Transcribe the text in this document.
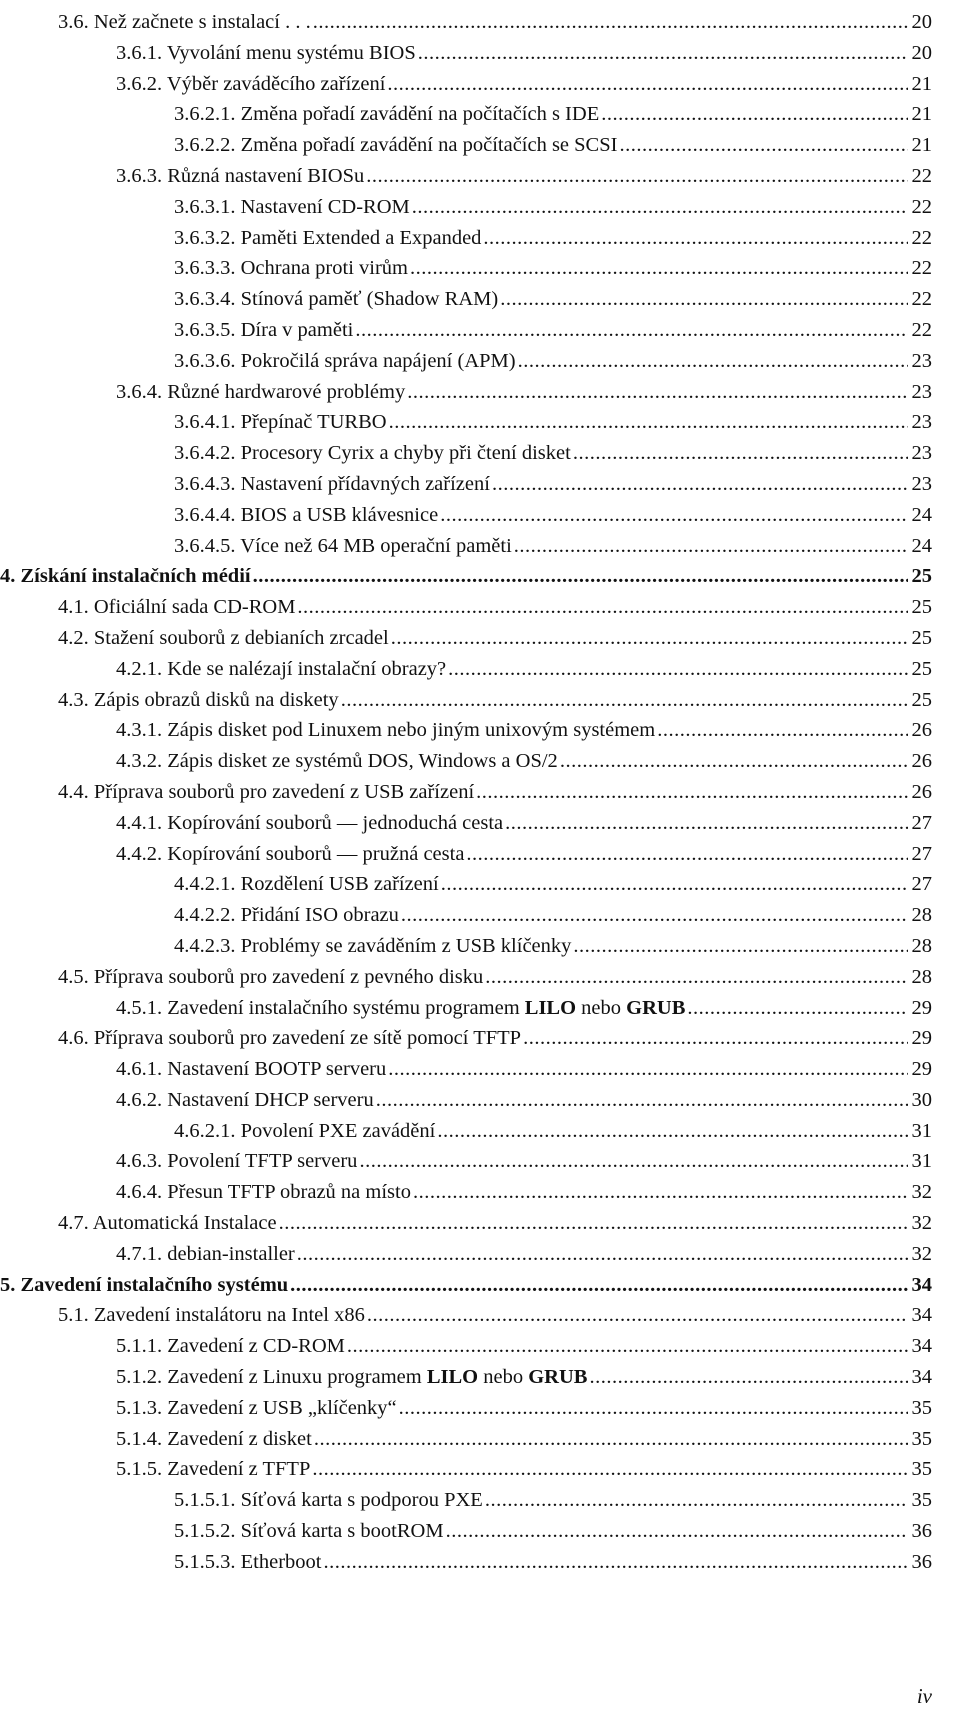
3.6. Než začnete s instalací . . . .....	20
3.6.1. Vyvolání menu systému BIOS .....	20
3.6.2. Výběr zaváděcího zařízení .....	21
3.6.2.1. Změna pořadí zavádění na počítačích s IDE .....	21
3.6.2.2. Změna pořadí zavádění na počítačích se SCSI .....	21
3.6.3. Různá nastavení BIOSu .....	22
3.6.3.1. Nastavení CD-ROM .....	22
3.6.3.2. Paměti Extended a Expanded .....	22
3.6.3.3. Ochrana proti virům .....	22
3.6.3.4. Stínová paměť (Shadow RAM) .....	22
3.6.3.5. Díra v paměti .....	22
3.6.3.6. Pokročilá správa napájení (APM) .....	23
3.6.4. Různé hardwarové problémy .....	23
3.6.4.1. Přepínač TURBO .....	23
3.6.4.2. Procesory Cyrix a chyby při čtení disket .....	23
3.6.4.3. Nastavení přídavných zařízení .....	23
3.6.4.4. BIOS a USB klávesnice .....	24
3.6.4.5. Více než 64 MB operační paměti .....	24
4. Získání instalačních médií .....	25
4.1. Oficiální sada CD-ROM .....	25
4.2. Stažení souborů z debianích zrcadel .....	25
4.2.1. Kde se nalézají instalační obrazy? .....	25
4.3. Zápis obrazů disků na diskety .....	25
4.3.1. Zápis disket pod Linuxem nebo jiným unixovým systémem .....	26
4.3.2. Zápis disket ze systémů DOS, Windows a OS/2 .....	26
4.4. Příprava souborů pro zavedení z USB zařízení .....	26
4.4.1. Kopírování souborů — jednoduchá cesta .....	27
4.4.2. Kopírování souborů — pružná cesta .....	27
4.4.2.1. Rozdělení USB zařízení .....	27
4.4.2.2. Přidání ISO obrazu .....	28
4.4.2.3. Problémy se zaváděním z USB klíčenky .....	28
4.5. Příprava souborů pro zavedení z pevného disku .....	28
4.5.1. Zavedení instalačního systému programem LILO nebo GRUB .....	29
4.6. Příprava souborů pro zavedení ze sítě pomocí TFTP .....	29
4.6.1. Nastavení BOOTP serveru .....	29
4.6.2. Nastavení DHCP serveru .....	30
4.6.2.1. Povolení PXE zavádění .....	31
4.6.3. Povolení TFTP serveru .....	31
4.6.4. Přesun TFTP obrazů na místo .....	32
4.7. Automatická Instalace .....	32
4.7.1. debian-installer .....	32
5. Zavedení instalačního systému .....	34
5.1. Zavedení instalátoru na Intel x86 .....	34
5.1.1. Zavedení z CD-ROM .....	34
5.1.2. Zavedení z Linuxu programem LILO nebo GRUB .....	34
5.1.3. Zavedení z USB „klíčenky“ .....	35
5.1.4. Zavedení z disket .....	35
5.1.5. Zavedení z TFTP .....	35
5.1.5.1. Síťová karta s podporou PXE .....	35
5.1.5.2. Síťová karta s bootROM .....	36
5.1.5.3. Etherboot .....	36
iv
